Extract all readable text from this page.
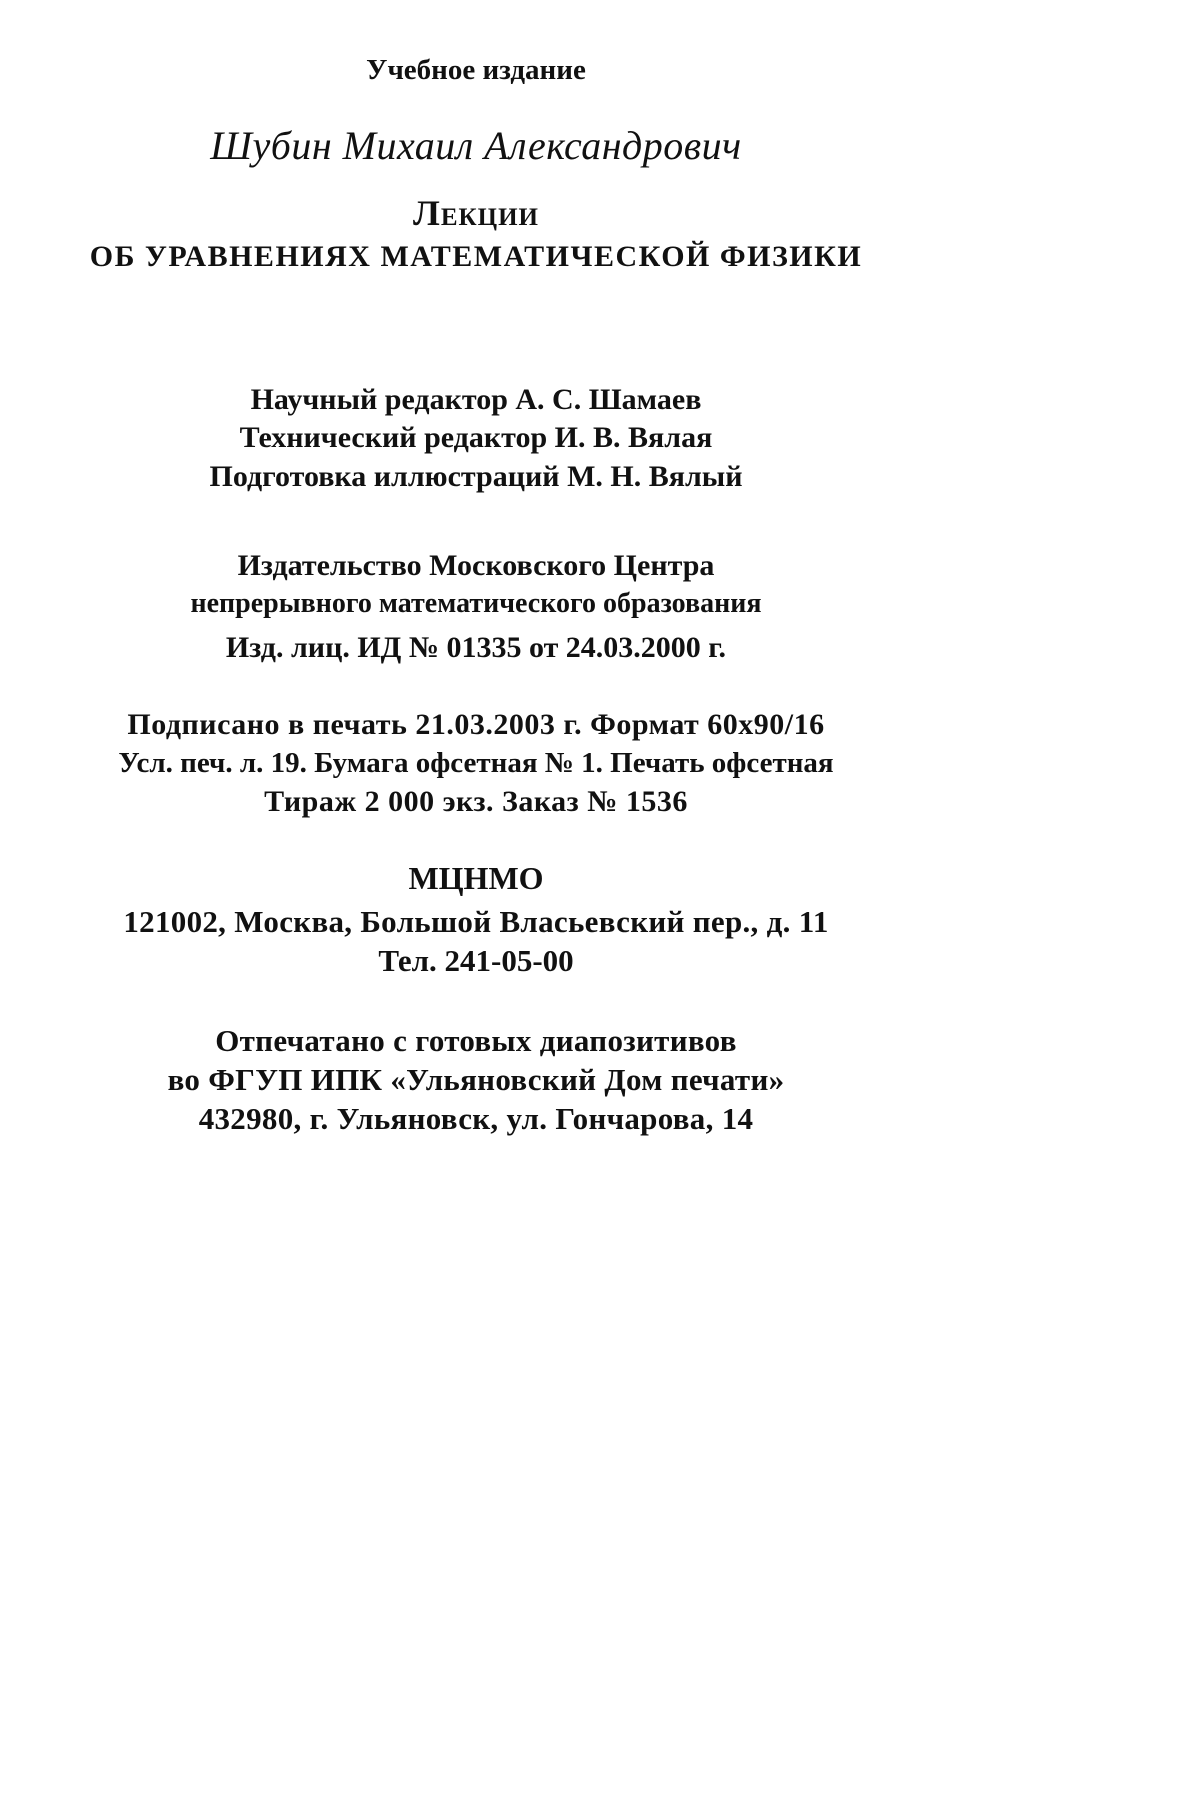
Учебное издание
Шубин Михаил Александрович
Лекции
ОБ УРАВНЕНИЯХ МАТЕМАТИЧЕСКОЙ ФИЗИКИ
Научный редактор А. С. Шамаев
Технический редактор И. В. Вялая
Подготовка иллюстраций М. Н. Вялый
Издательство Московского Центра
непрерывного математического образования
Изд. лиц. ИД № 01335 от 24.03.2000 г.
Подписано в печать 21.03.2003 г. Формат 60x90/16
Усл. печ. л. 19. Бумага офсетная № 1. Печать офсетная
Тираж 2 000 экз. Заказ № 1536
МЦНМО
121002, Москва, Большой Власьевский пер., д. 11
Тел. 241-05-00
Отпечатано с готовых диапозитивов
во ФГУП ИПК «Ульяновский Дом печати»
432980, г. Ульяновск, ул. Гончарова, 14
